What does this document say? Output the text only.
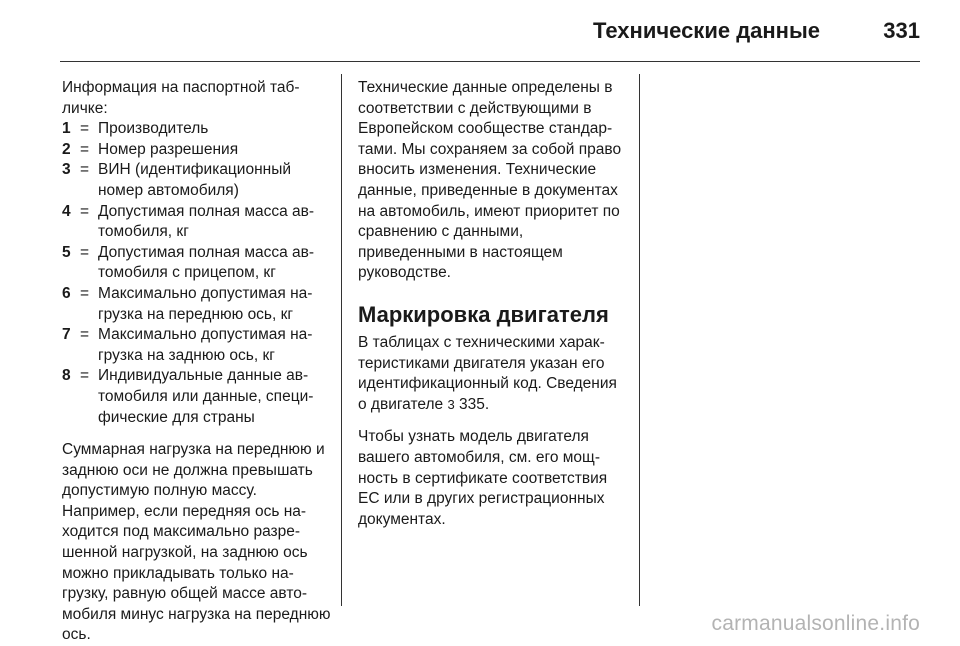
Технические данные	331

Информация на паспортной табличке:

1 = Производитель
2 = Номер разрешения
3 = ВИН (идентификационный номер автомобиля)
4 = Допустимая полная масса автомобиля, кг
5 = Допустимая полная масса автомобиля с прицепом, кг
6 = Максимально допустимая нагрузка на переднюю ось, кг
7 = Максимально допустимая нагрузка на заднюю ось, кг
8 = Индивидуальные данные автомобиля или данные, специфические для страны

Суммарная нагрузка на переднюю и заднюю оси не должна превышать допустимую полную массу. Например, если передняя ось находится под максимально разрешенной нагрузкой, на заднюю ось можно прикладывать только нагрузку, равную общей массе автомобиля минус нагрузка на переднюю ось.

Технические данные определены в соответствии с действующими в Европейском сообществе стандартами. Мы сохраняем за собой право вносить изменения. Технические данные, приведенные в документах на автомобиль, имеют приоритет по сравнению с данными, приведенными в настоящем руководстве.

Маркировка двигателя

В таблицах с техническими характеристиками двигателя указан его идентификационный код. Сведения о двигателе 3 335.

Чтобы узнать модель двигателя вашего автомобиля, см. его мощность в сертификате соответствия ЕС или в других регистрационных документах.

carmanualsonline.info
